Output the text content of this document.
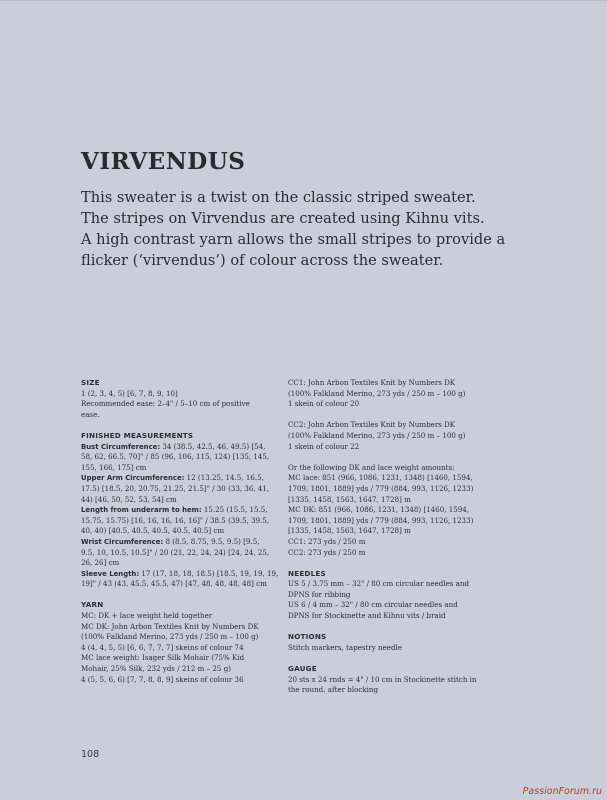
VIRVENDUS

This sweater is a twist on the classic striped sweater.
The stripes on Virvendus are created using Kihnu vits.
A high contrast yarn allows the small stripes to provide a
flicker (‘virvendus’) of colour across the sweater.

SIZE
1 (2, 3, 4, 5) [6, 7, 8, 9, 10]
Recommended ease: 2–4" / 5–10 cm of positive
ease.
FINISHED MEASUREMENTS
Bust Circumference: 34 (38.5, 42.5, 46, 49.5) [54,
58, 62, 66.5, 70]" / 85 (96, 106, 115, 124) [135, 145,
155, 166, 175] cm
Upper Arm Circumference: 12 (13.25, 14.5, 16.5,
17.5) [18.5, 20, 20.75, 21.25, 21.5]" / 30 (33, 36, 41,
44) [46, 50, 52, 53, 54] cm
Length from underarm to hem: 15.25 (15.5, 15.5,
15.75, 15.75) [16, 16, 16, 16, 16]" / 38.5 (39.5, 39.5,
40, 40) [40.5, 40.5, 40.5, 40.5, 40.5] cm
Wrist Circumference: 8 (8.5, 8.75, 9.5, 9.5) [9.5,
9.5, 10, 10.5, 10.5]" / 20 (21, 22, 24, 24) [24, 24, 25,
26, 26] cm
Sleeve Length: 17 (17, 18, 18, 18.5) [18.5, 19, 19, 19,
19]" / 43 (43, 45.5, 45.5, 47) [47, 48, 48, 48, 48] cm
YARN
MC: DK + lace weight held together
MC DK: John Arbon Textiles Knit by Numbers DK
(100% Falkland Merino, 273 yds / 250 m – 100 g)
4 (4, 4, 5, 5) [6, 6, 7, 7, 7] skeins of colour 74
MC lace weight: Isager Silk Mohair (75% Kid
Mohair, 25% Silk, 232 yds / 212 m – 25 g)
4 (5, 5, 6, 6) [7, 7, 8, 8, 9] skeins of colour 36
CC1: John Arbon Textiles Knit by Numbers DK
(100% Falkland Merino, 273 yds / 250 m – 100 g)
1 skein of colour 20
CC2: John Arbon Textiles Knit by Numbers DK
(100% Falkland Merino, 273 yds / 250 m – 100 g)
1 skein of colour 22
Or the following DK and lace weight amounts:
MC lace: 851 (966, 1086, 1231, 1348) [1460, 1594,
1709, 1801, 1889] yds / 779 (884, 993, 1126, 1233)
[1335, 1458, 1563, 1647, 1728] m
MC DK: 851 (966, 1086, 1231, 1348) [1460, 1594,
1709, 1801, 1889] yds / 779 (884, 993, 1126, 1233)
[1335, 1458, 1563, 1647, 1728] m
CC1: 273 yds / 250 m
CC2: 273 yds / 250 m
NEEDLES
US 5 / 3.75 mm – 32" / 80 cm circular needles and
DPNS for ribbing
US 6 / 4 mm – 32" / 80 cm circular needles and
DPNS for Stockinette and Kihnu vits / braid
NOTIONS
Stitch markers, tapestry needle
GAUGE
20 sts x 24 rnds = 4" / 10 cm in Stockinette stitch in
the round, after blocking
108
PassionForum.ru
